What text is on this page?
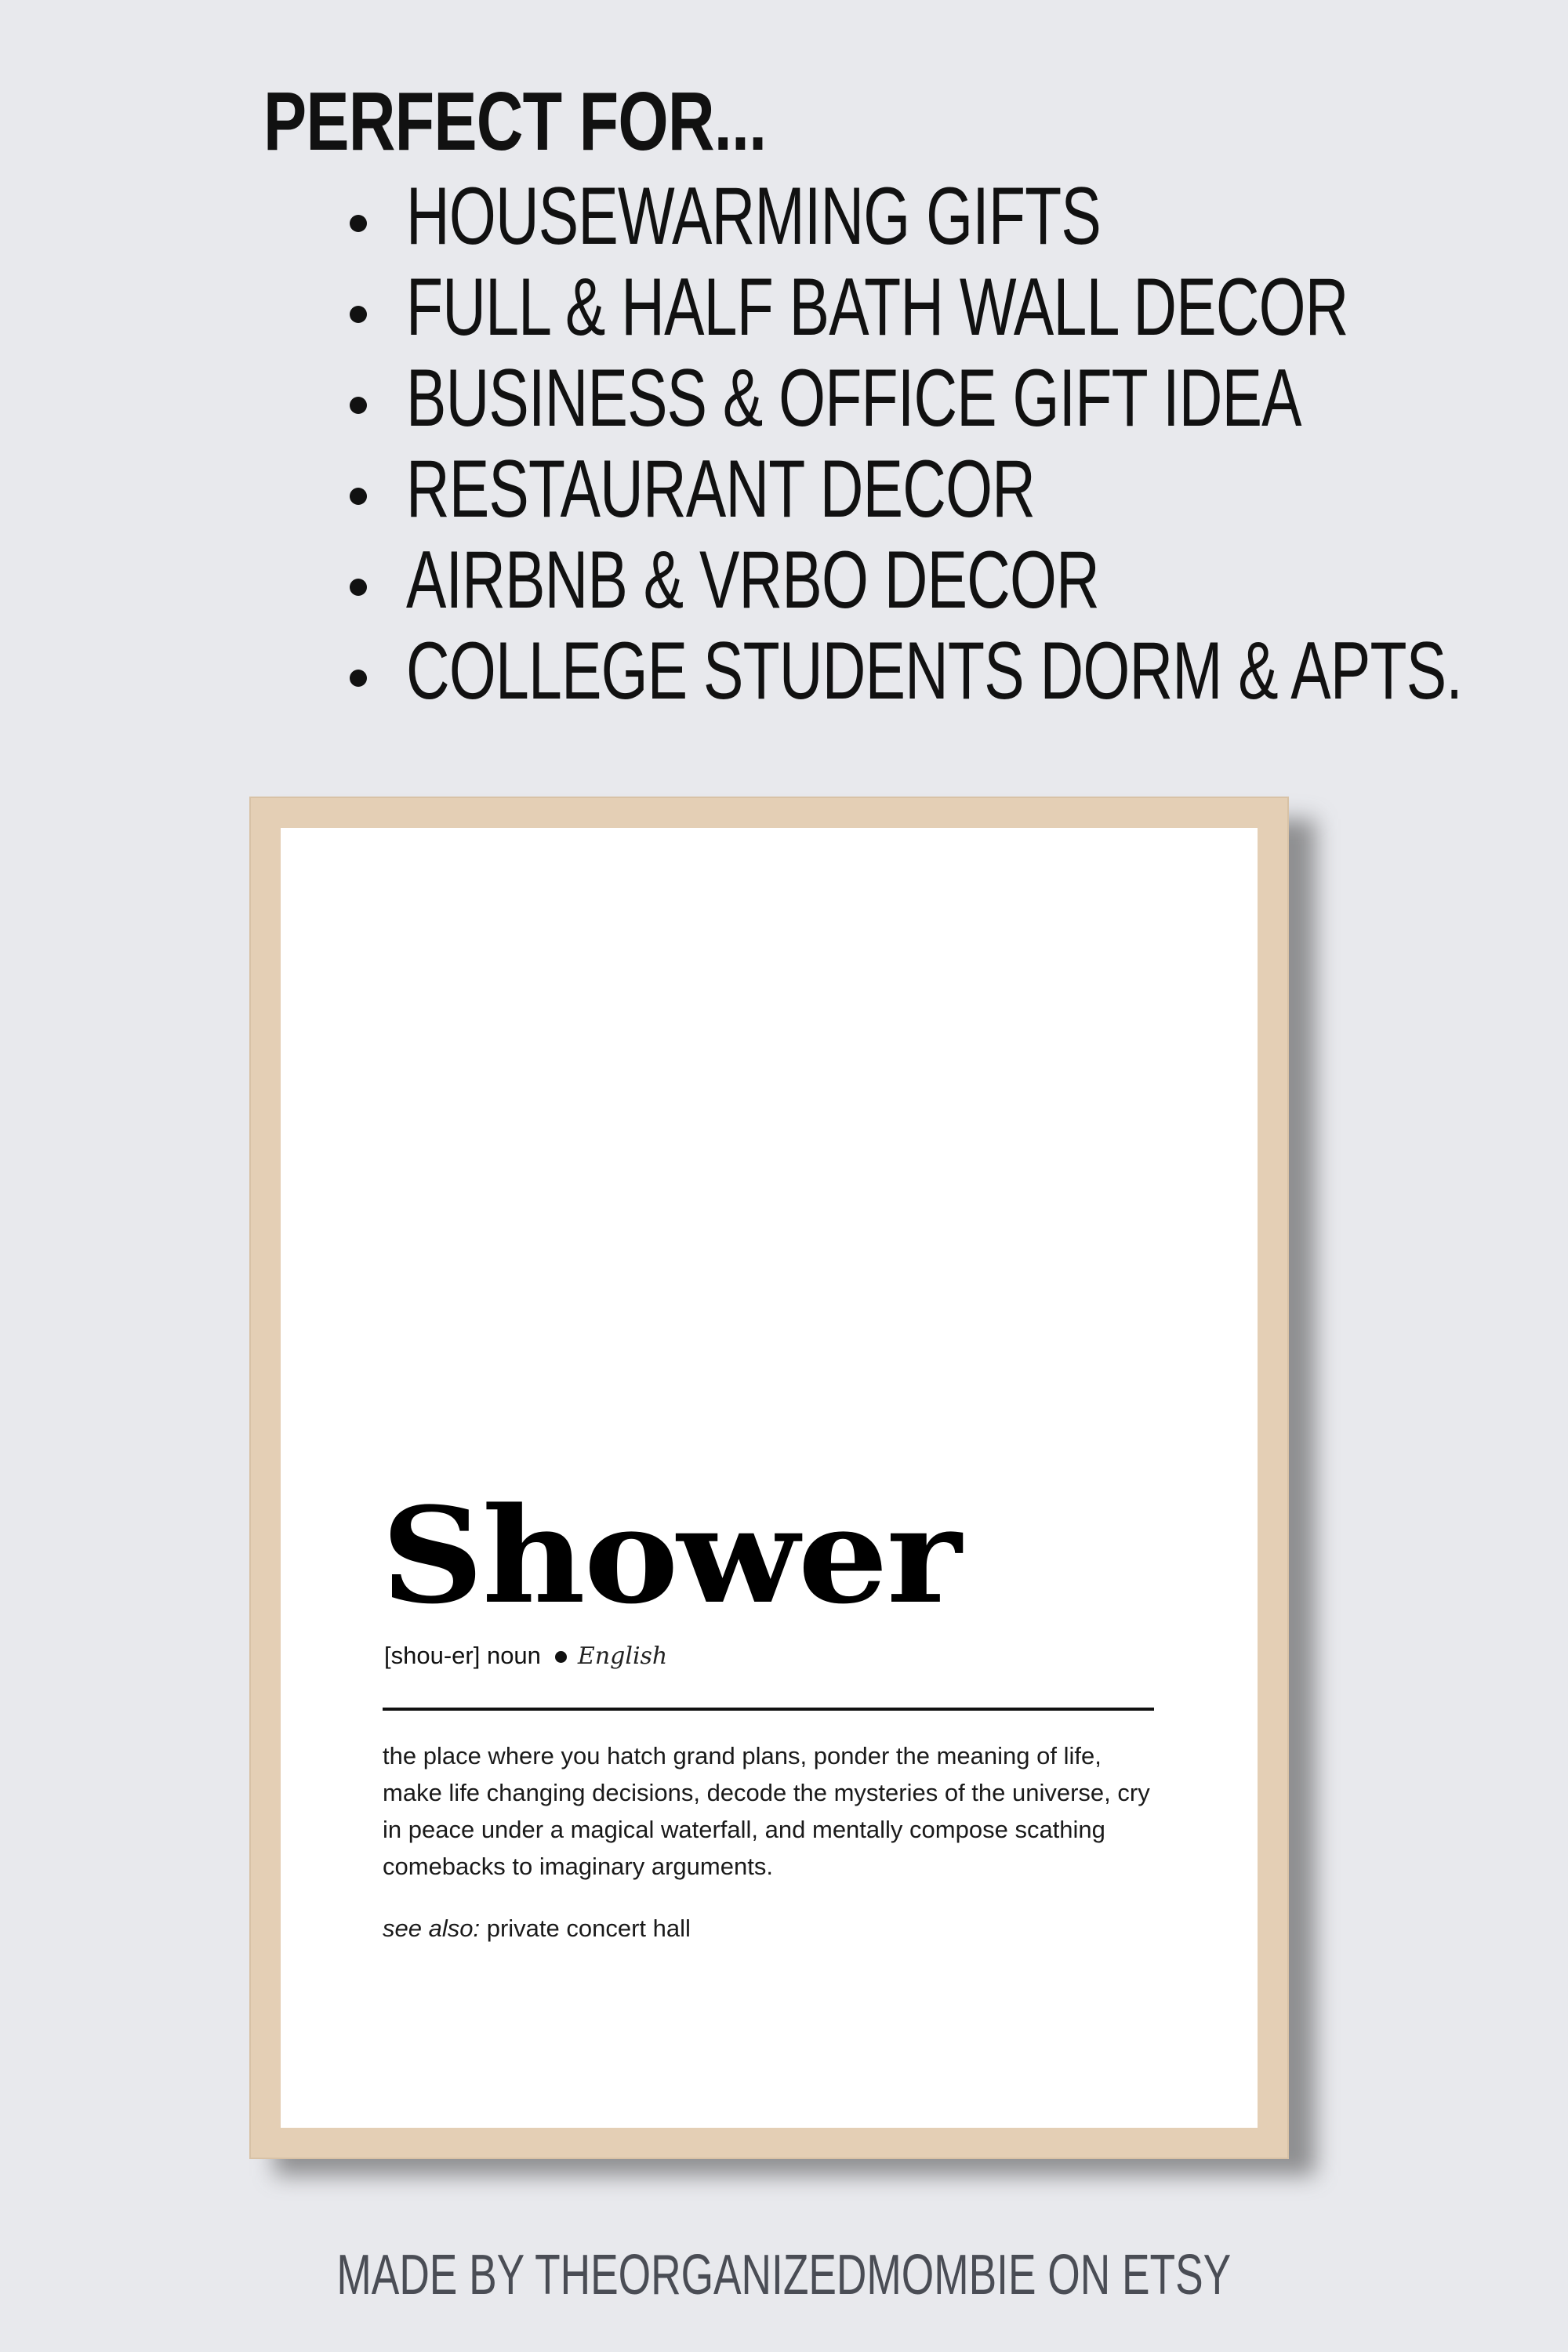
PERFECT FOR...
HOUSEWARMING GIFTS
FULL & HALF BATH WALL DECOR
BUSINESS & OFFICE GIFT IDEA
RESTAURANT DECOR
AIRBNB & VRBO DECOR
COLLEGE STUDENTS DORM & APTS.
Shower
[shou-er] noun English

the place where you hatch grand plans, ponder the meaning of life, make life changing decisions, decode the mysteries of the universe, cry in peace under a magical waterfall, and mentally compose scathing comebacks to imaginary arguments.

see also: private concert hall

MADE BY THEORGANIZEDMOMBIE ON ETSY
